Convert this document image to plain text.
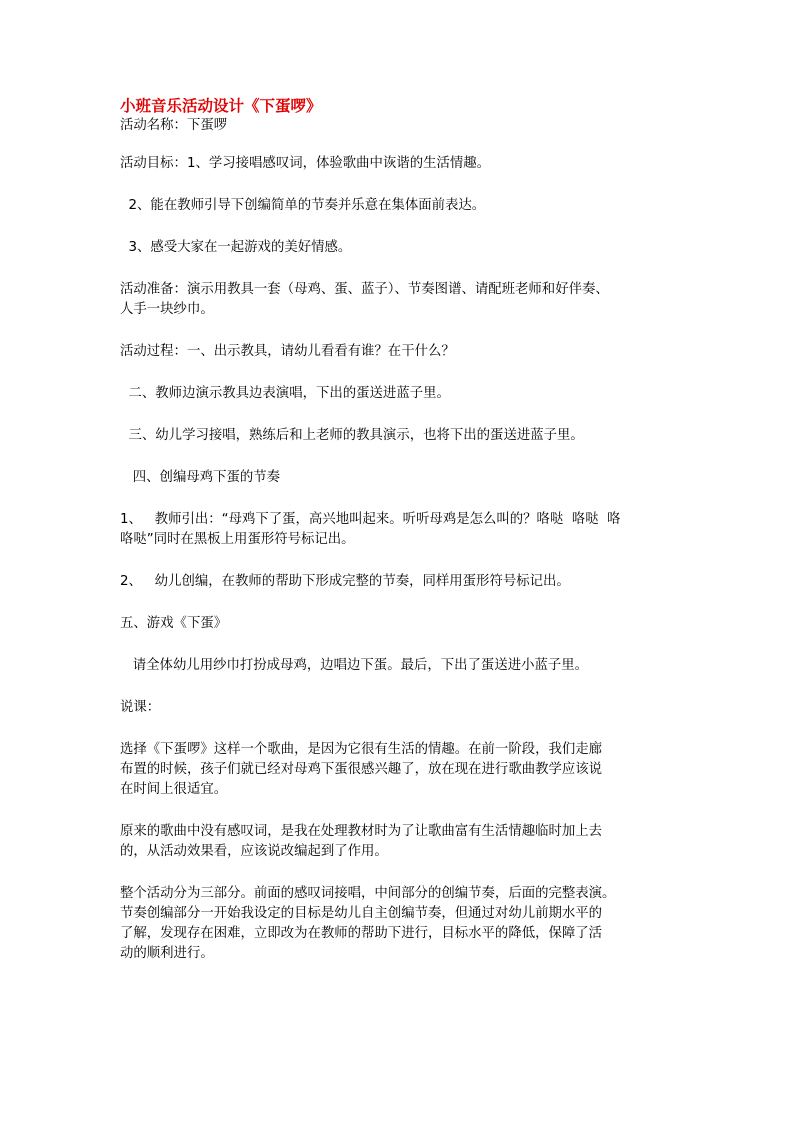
小班音乐活动设计《下蛋啰》
活动名称：下蛋啰
活动目标：1、学习接唱感叹词，体验歌曲中诙谐的生活情趣。
2、能在教师引导下创编简单的节奏并乐意在集体面前表达。
3、感受大家在一起游戏的美好情感。
活动准备：演示用教具一套（母鸡、蛋、蓝子）、节奏图谱、请配班老师和好伴奏、
人手一块纱巾。
活动过程：一、出示教具，请幼儿看看有谁？在干什么？
二、教师边演示教具边表演唱，下出的蛋送进蓝子里。
三、幼儿学习接唱，熟练后和上老师的教具演示，也将下出的蛋送进蓝子里。
四、创编母鸡下蛋的节奏
1、   教师引出：“母鸡下了蛋，高兴地叫起来。听听母鸡是怎么叫的？咯哒  咯哒  咯
咯哒”同时在黑板上用蛋形符号标记出。
2、   幼儿创编，在教师的帮助下形成完整的节奏，同样用蛋形符号标记出。
五、游戏《下蛋》
请全体幼儿用纱巾打扮成母鸡，边唱边下蛋。最后，下出了蛋送进小蓝子里。
说课：
选择《下蛋啰》这样一个歌曲，是因为它很有生活的情趣。在前一阶段，我们走廊
布置的时候，孩子们就已经对母鸡下蛋很感兴趣了，放在现在进行歌曲教学应该说
在时间上很适宜。
原来的歌曲中没有感叹词，是我在处理教材时为了让歌曲富有生活情趣临时加上去
的，从活动效果看，应该说改编起到了作用。
整个活动分为三部分。前面的感叹词接唱，中间部分的创编节奏，后面的完整表演。
节奏创编部分一开始我设定的目标是幼儿自主创编节奏，但通过对幼儿前期水平的
了解，发现存在困难，立即改为在教师的帮助下进行，目标水平的降低，保障了活
动的顺利进行。
